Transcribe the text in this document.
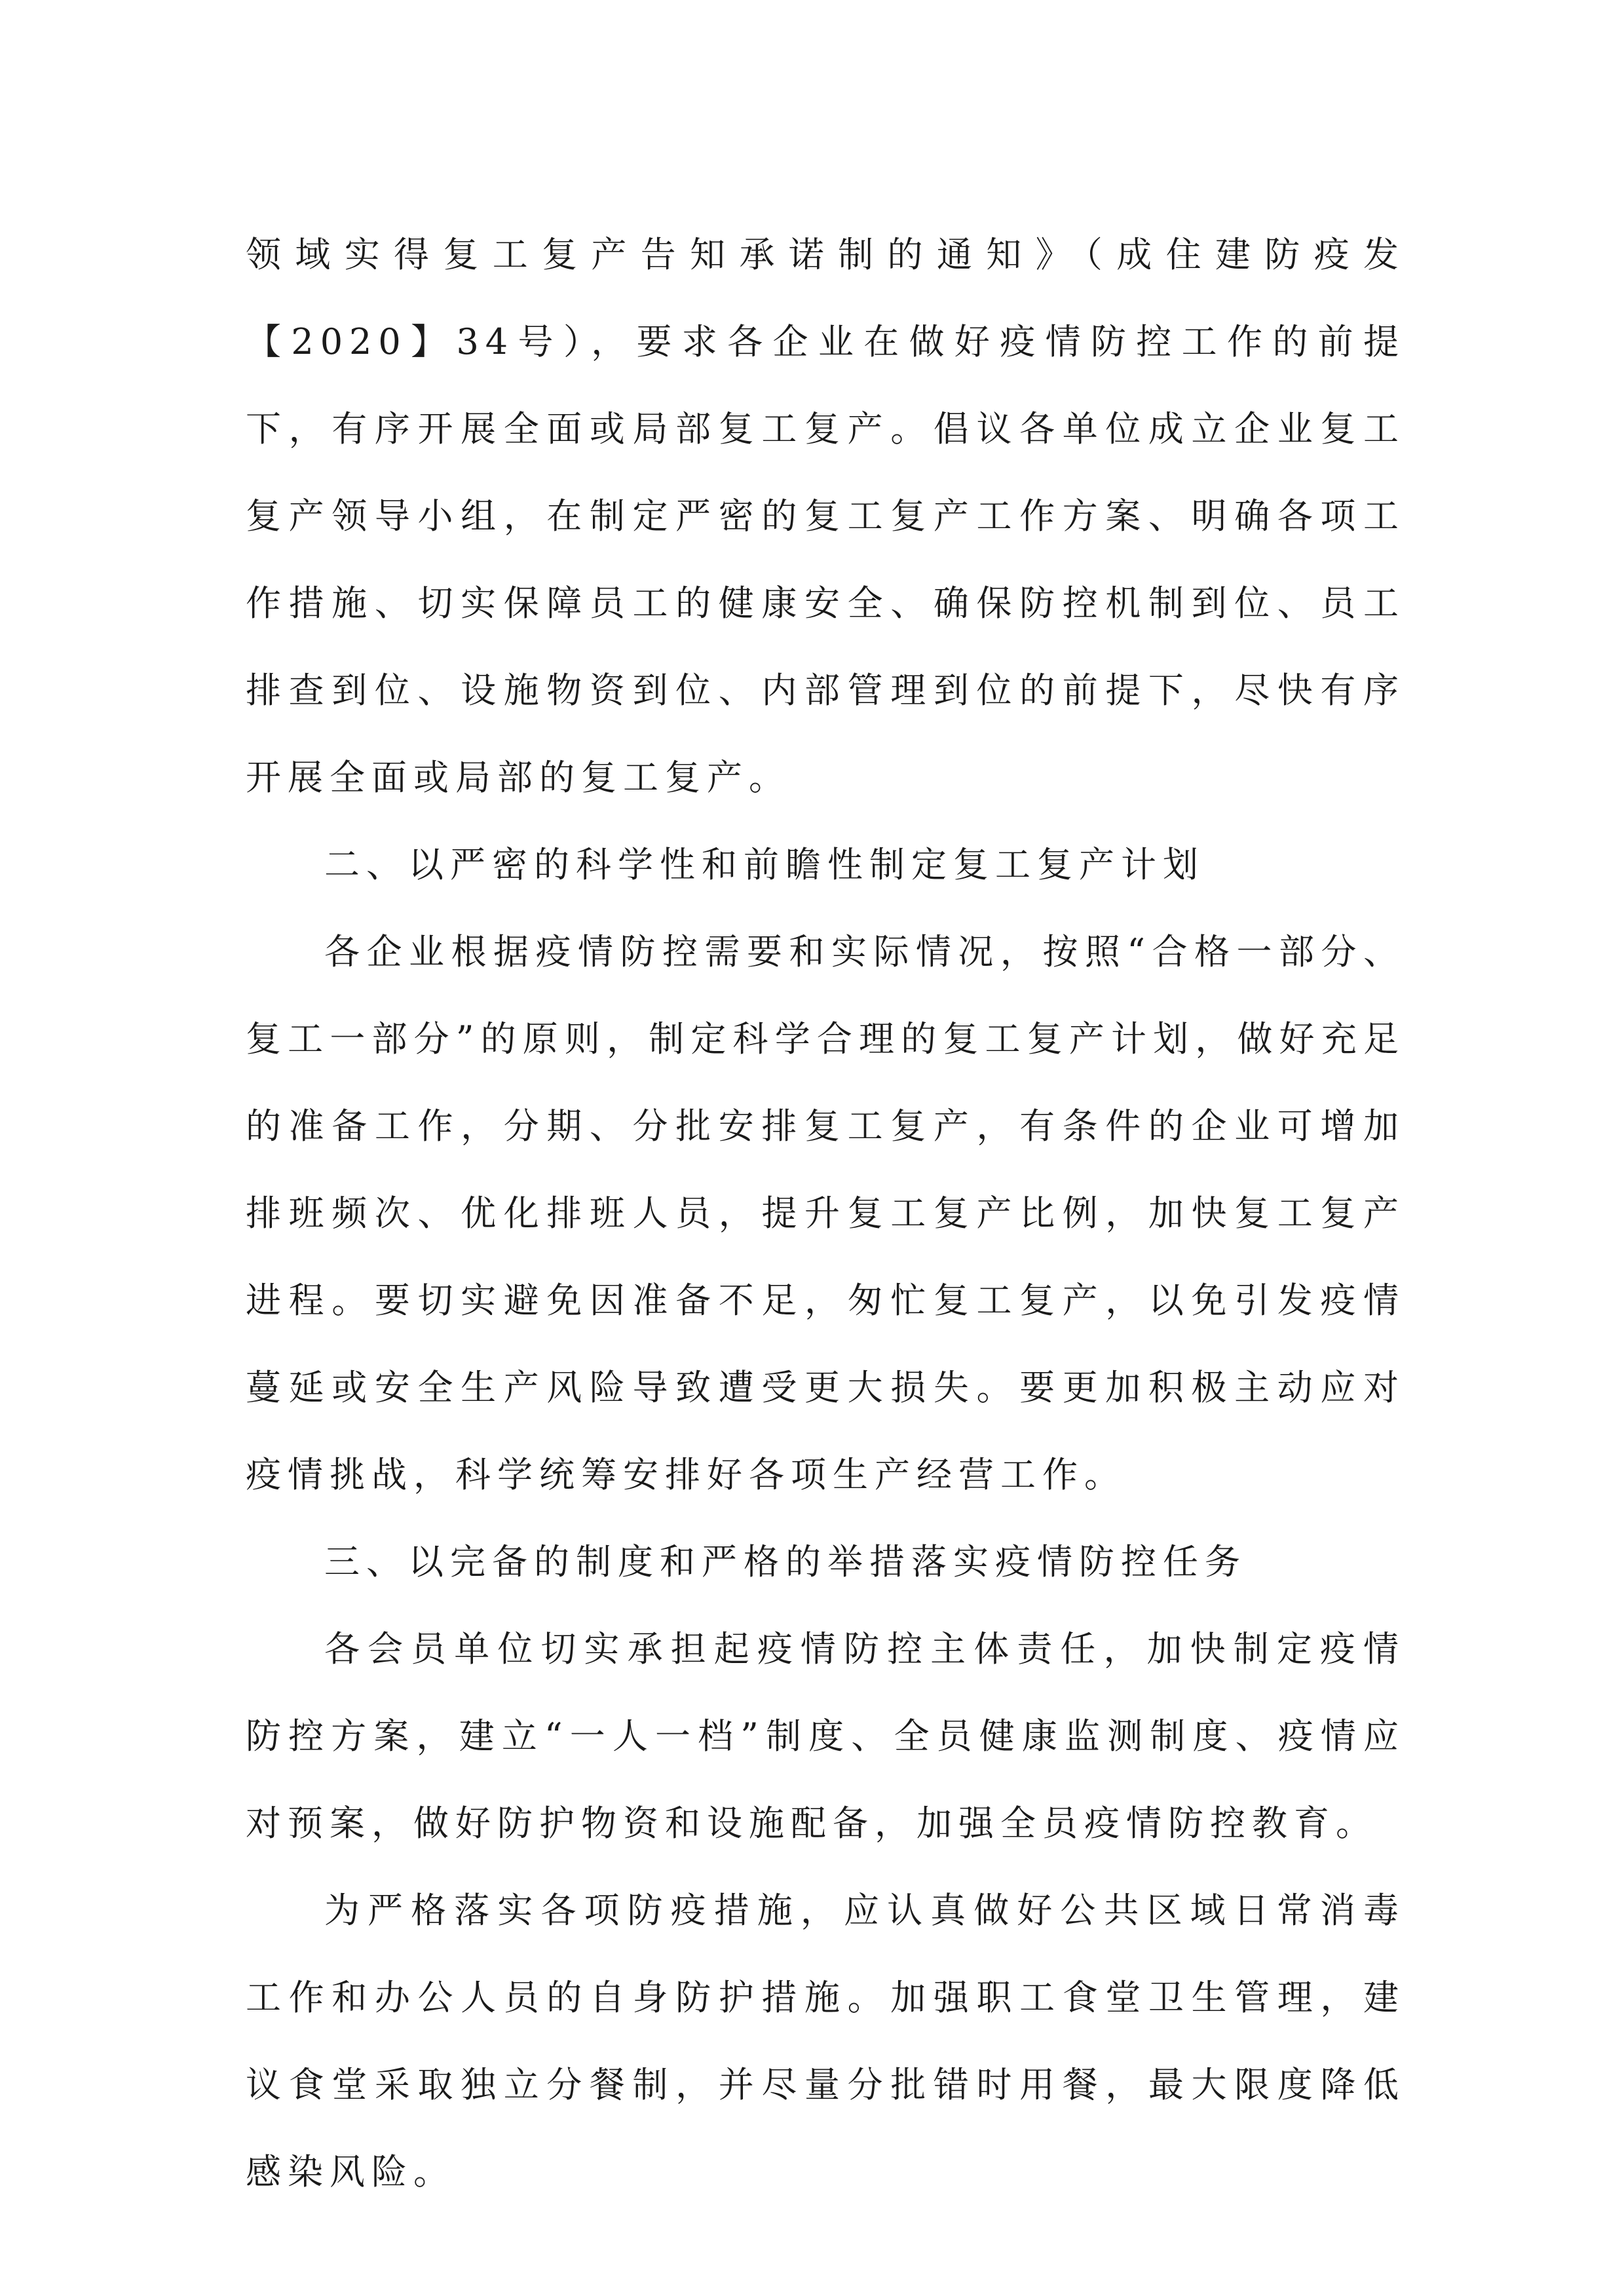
领域实得复工复产告知承诺制的通知》（成住建防疫发【2020】34号），要求各企业在做好疫情防控工作的前提下，有序开展全面或局部复工复产。倡议各单位成立企业复工复产领导小组，在制定严密的复工复产工作方案、明确各项工作措施、切实保障员工的健康安全、确保防控机制到位、员工排查到位、设施物资到位、内部管理到位的前提下，尽快有序开展全面或局部的复工复产。

二、以严密的科学性和前瞻性制定复工复产计划

各企业根据疫情防控需要和实际情况，按照“合格一部分、复工一部分”的原则，制定科学合理的复工复产计划，做好充足的准备工作，分期、分批安排复工复产，有条件的企业可增加排班频次、优化排班人员，提升复工复产比例，加快复工复产进程。要切实避免因准备不足，匆忙复工复产，以免引发疫情蔓延或安全生产风险导致遭受更大损失。要更加积极主动应对疫情挑战，科学统筹安排好各项生产经营工作。

三、以完备的制度和严格的举措落实疫情防控任务

各会员单位切实承担起疫情防控主体责任，加快制定疫情防控方案，建立“一人一档”制度、全员健康监测制度、疫情应对预案，做好防护物资和设施配备，加强全员疫情防控教育。

为严格落实各项防疫措施，应认真做好公共区域日常消毒工作和办公人员的自身防护措施。加强职工食堂卫生管理，建议食堂采取独立分餐制，并尽量分批错时用餐，最大限度降低感染风险。
